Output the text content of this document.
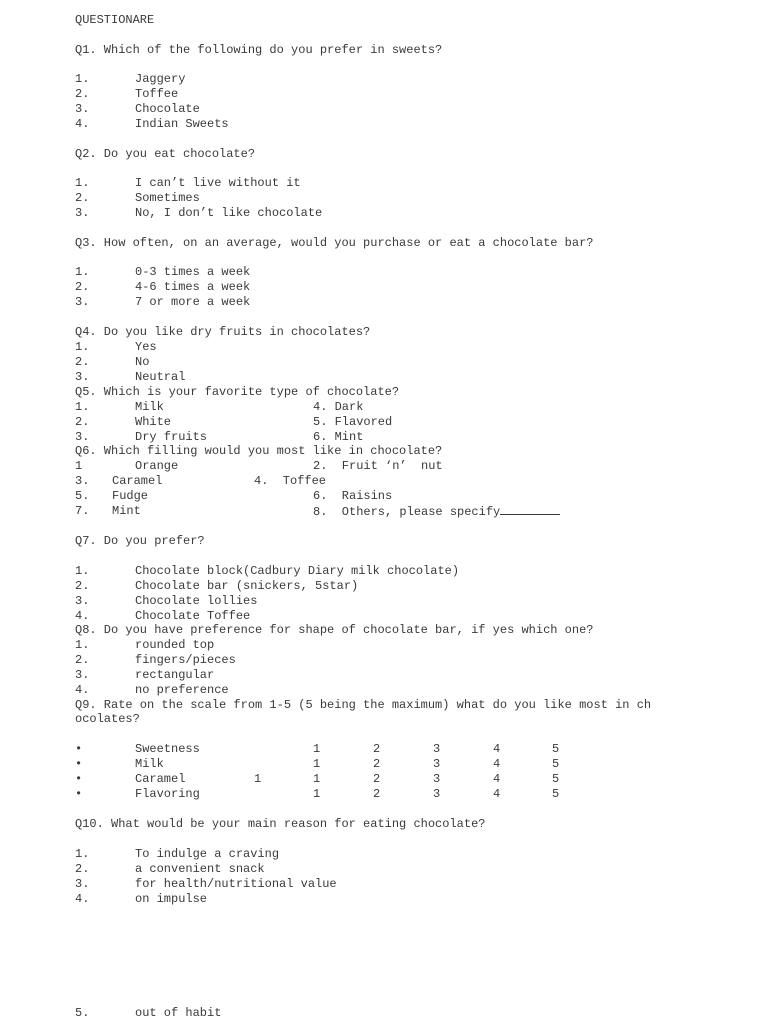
QUESTIONARE
Q1. Which of the following do you prefer in sweets?
1.	Jaggery
2.	Toffee
3.	Chocolate
4.	Indian Sweets
Q2. Do you eat chocolate?
1.	I can’t live without it
2.	Sometimes
3.	No, I don’t like chocolate
Q3. How often, on an average, would you purchase or eat a chocolate bar?
1.	0-3 times a week
2.	4-6 times a week
3.	7 or more a week
Q4. Do you like dry fruits in chocolates?
1.	Yes
2.	No
3.	Neutral
Q5. Which is your favorite type of chocolate?
1.	Milk	4. Dark
2.	White	5. Flavored
3.	Dry fruits	6. Mint
Q6. Which filling would you most like in chocolate?
1	Orange	2.  Fruit ‘n’  nut
3. Caramel	4.  Toffee
5. Fudge	6.  Raisins
7. Mint	8.  Others, please specify
Q7. Do you prefer?
1.	Chocolate block(Cadbury Diary milk chocolate)
2.	Chocolate bar (snickers, 5star)
3.	Chocolate lollies
4.	Chocolate Toffee
Q8. Do you have preference for shape of chocolate bar, if yes which one?
1.	rounded top
2.	fingers/pieces
3.	rectangular
4.	no preference
Q9. Rate on the scale from 1-5 (5 being the maximum) what do you like most in ch
ocolates?
•	Sweetness	1	2	3	4	5
•	Milk	1	2	3	4	5
•	Caramel	1	1	2	3	4	5
•	Flavoring	1	2	3	4	5
Q10. What would be your main reason for eating chocolate?
1.	To indulge a craving
2.	a convenient snack
3.	for health/nutritional value
4.	on impulse
5.	out of habit
